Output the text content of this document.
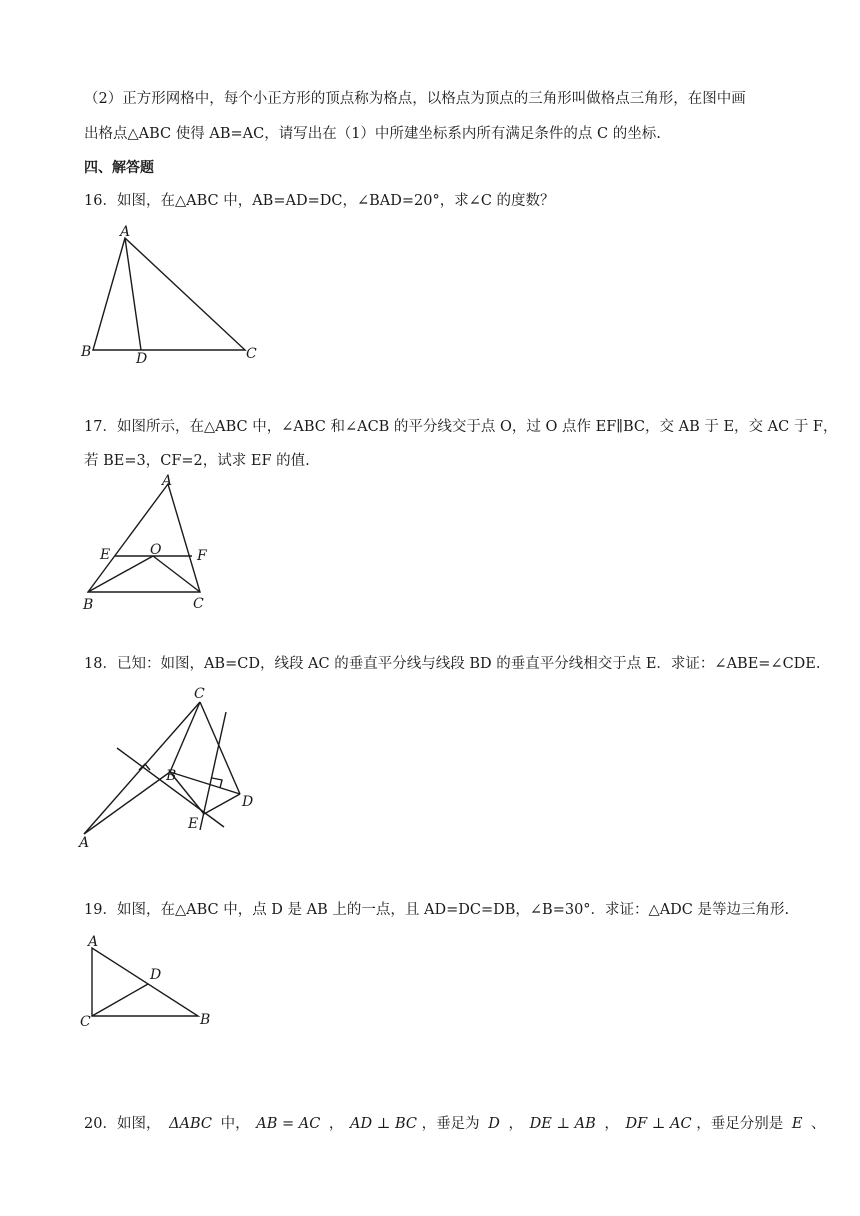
（2）正方形网格中，每个小正方形的顶点称为格点，以格点为顶点的三角形叫做格点三角形，在图中画
出格点△ABC 使得 AB=AC，请写出在（1）中所建坐标系内所有满足条件的点 C 的坐标.
四、解答题
16．如图，在△ABC 中，AB=AD=DC，∠BAD=20°，求∠C 的度数？
A
B	D	C
17．如图所示，在△ABC 中，∠ABC 和∠ACB 的平分线交于点 O，过 O 点作 EF∥BC，交 AB 于 E，交 AC 于 F，
若 BE=3，CF=2，试求 EF 的值.
A
E	O	F
B	C
18．已知：如图，AB=CD，线段 AC 的垂直平分线与线段 BD 的垂直平分线相交于点 E．求证：∠ABE=∠CDE.
C
B
D
E
A
19．如图，在△ABC 中，点 D 是 AB 上的一点，且 AD=DC=DB，∠B=30°．求证：△ADC 是等边三角形.
A
D
C	B
20．如图， ΔABC 中， AB = AC ， AD ⊥ BC ，垂足为 D ， DE ⊥ AB ， DF ⊥ AC ，垂足分别是 E 、
